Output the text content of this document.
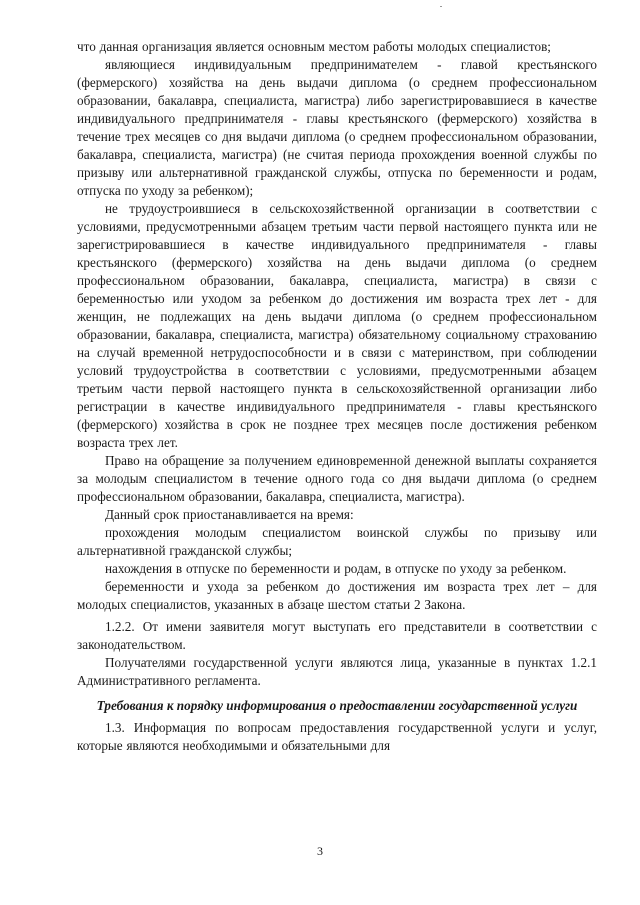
что данная организация является основным местом работы молодых специалистов;

являющиеся индивидуальным предпринимателем - главой крестьянского (фермерского) хозяйства на день выдачи диплома (о среднем профессиональном образовании, бакалавра, специалиста, магистра) либо зарегистрировавшиеся в качестве индивидуального предпринимателя - главы крестьянского (фермерского) хозяйства в течение трех месяцев со дня выдачи диплома (о среднем профессиональном образовании, бакалавра, специалиста, магистра) (не считая периода прохождения военной службы по призыву или альтернативной гражданской службы, отпуска по беременности и родам, отпуска по уходу за ребенком);

не трудоустроившиеся в сельскохозяйственной организации в соответствии с условиями, предусмотренными абзацем третьим части первой настоящего пункта или не зарегистрировавшиеся в качестве индивидуального предпринимателя - главы крестьянского (фермерского) хозяйства на день выдачи диплома (о среднем профессиональном образовании, бакалавра, специалиста, магистра) в связи с беременностью или уходом за ребенком до достижения им возраста трех лет - для женщин, не подлежащих на день выдачи диплома (о среднем профессиональном образовании, бакалавра, специалиста, магистра) обязательному социальному страхованию на случай временной нетрудоспособности и в связи с материнством, при соблюдении условий трудоустройства в соответствии с условиями, предусмотренными абзацем третьим части первой настоящего пункта в сельскохозяйственной организации либо регистрации в качестве индивидуального предпринимателя - главы крестьянского (фермерского) хозяйства в срок не позднее трех месяцев после достижения ребенком возраста трех лет.

Право на обращение за получением единовременной денежной выплаты сохраняется за молодым специалистом в течение одного года со дня выдачи диплома (о среднем профессиональном образовании, бакалавра, специалиста, магистра).

Данный срок приостанавливается на время:

прохождения молодым специалистом воинской службы по призыву или альтернативной гражданской службы;

нахождения в отпуске по беременности и родам, в отпуске по уходу за ребенком.

беременности и ухода за ребенком до достижения им возраста трех лет – для молодых специалистов, указанных в абзаце шестом статьи 2 Закона.

1.2.2. От имени заявителя могут выступать его представители в соответствии с законодательством.

Получателями государственной услуги являются лица, указанные в пунктах 1.2.1 Административного регламента.

Требования к порядку информирования о предоставлении государственной услуги

1.3. Информация по вопросам предоставления государственной услуги и услуг, которые являются необходимыми и обязательными для

3
